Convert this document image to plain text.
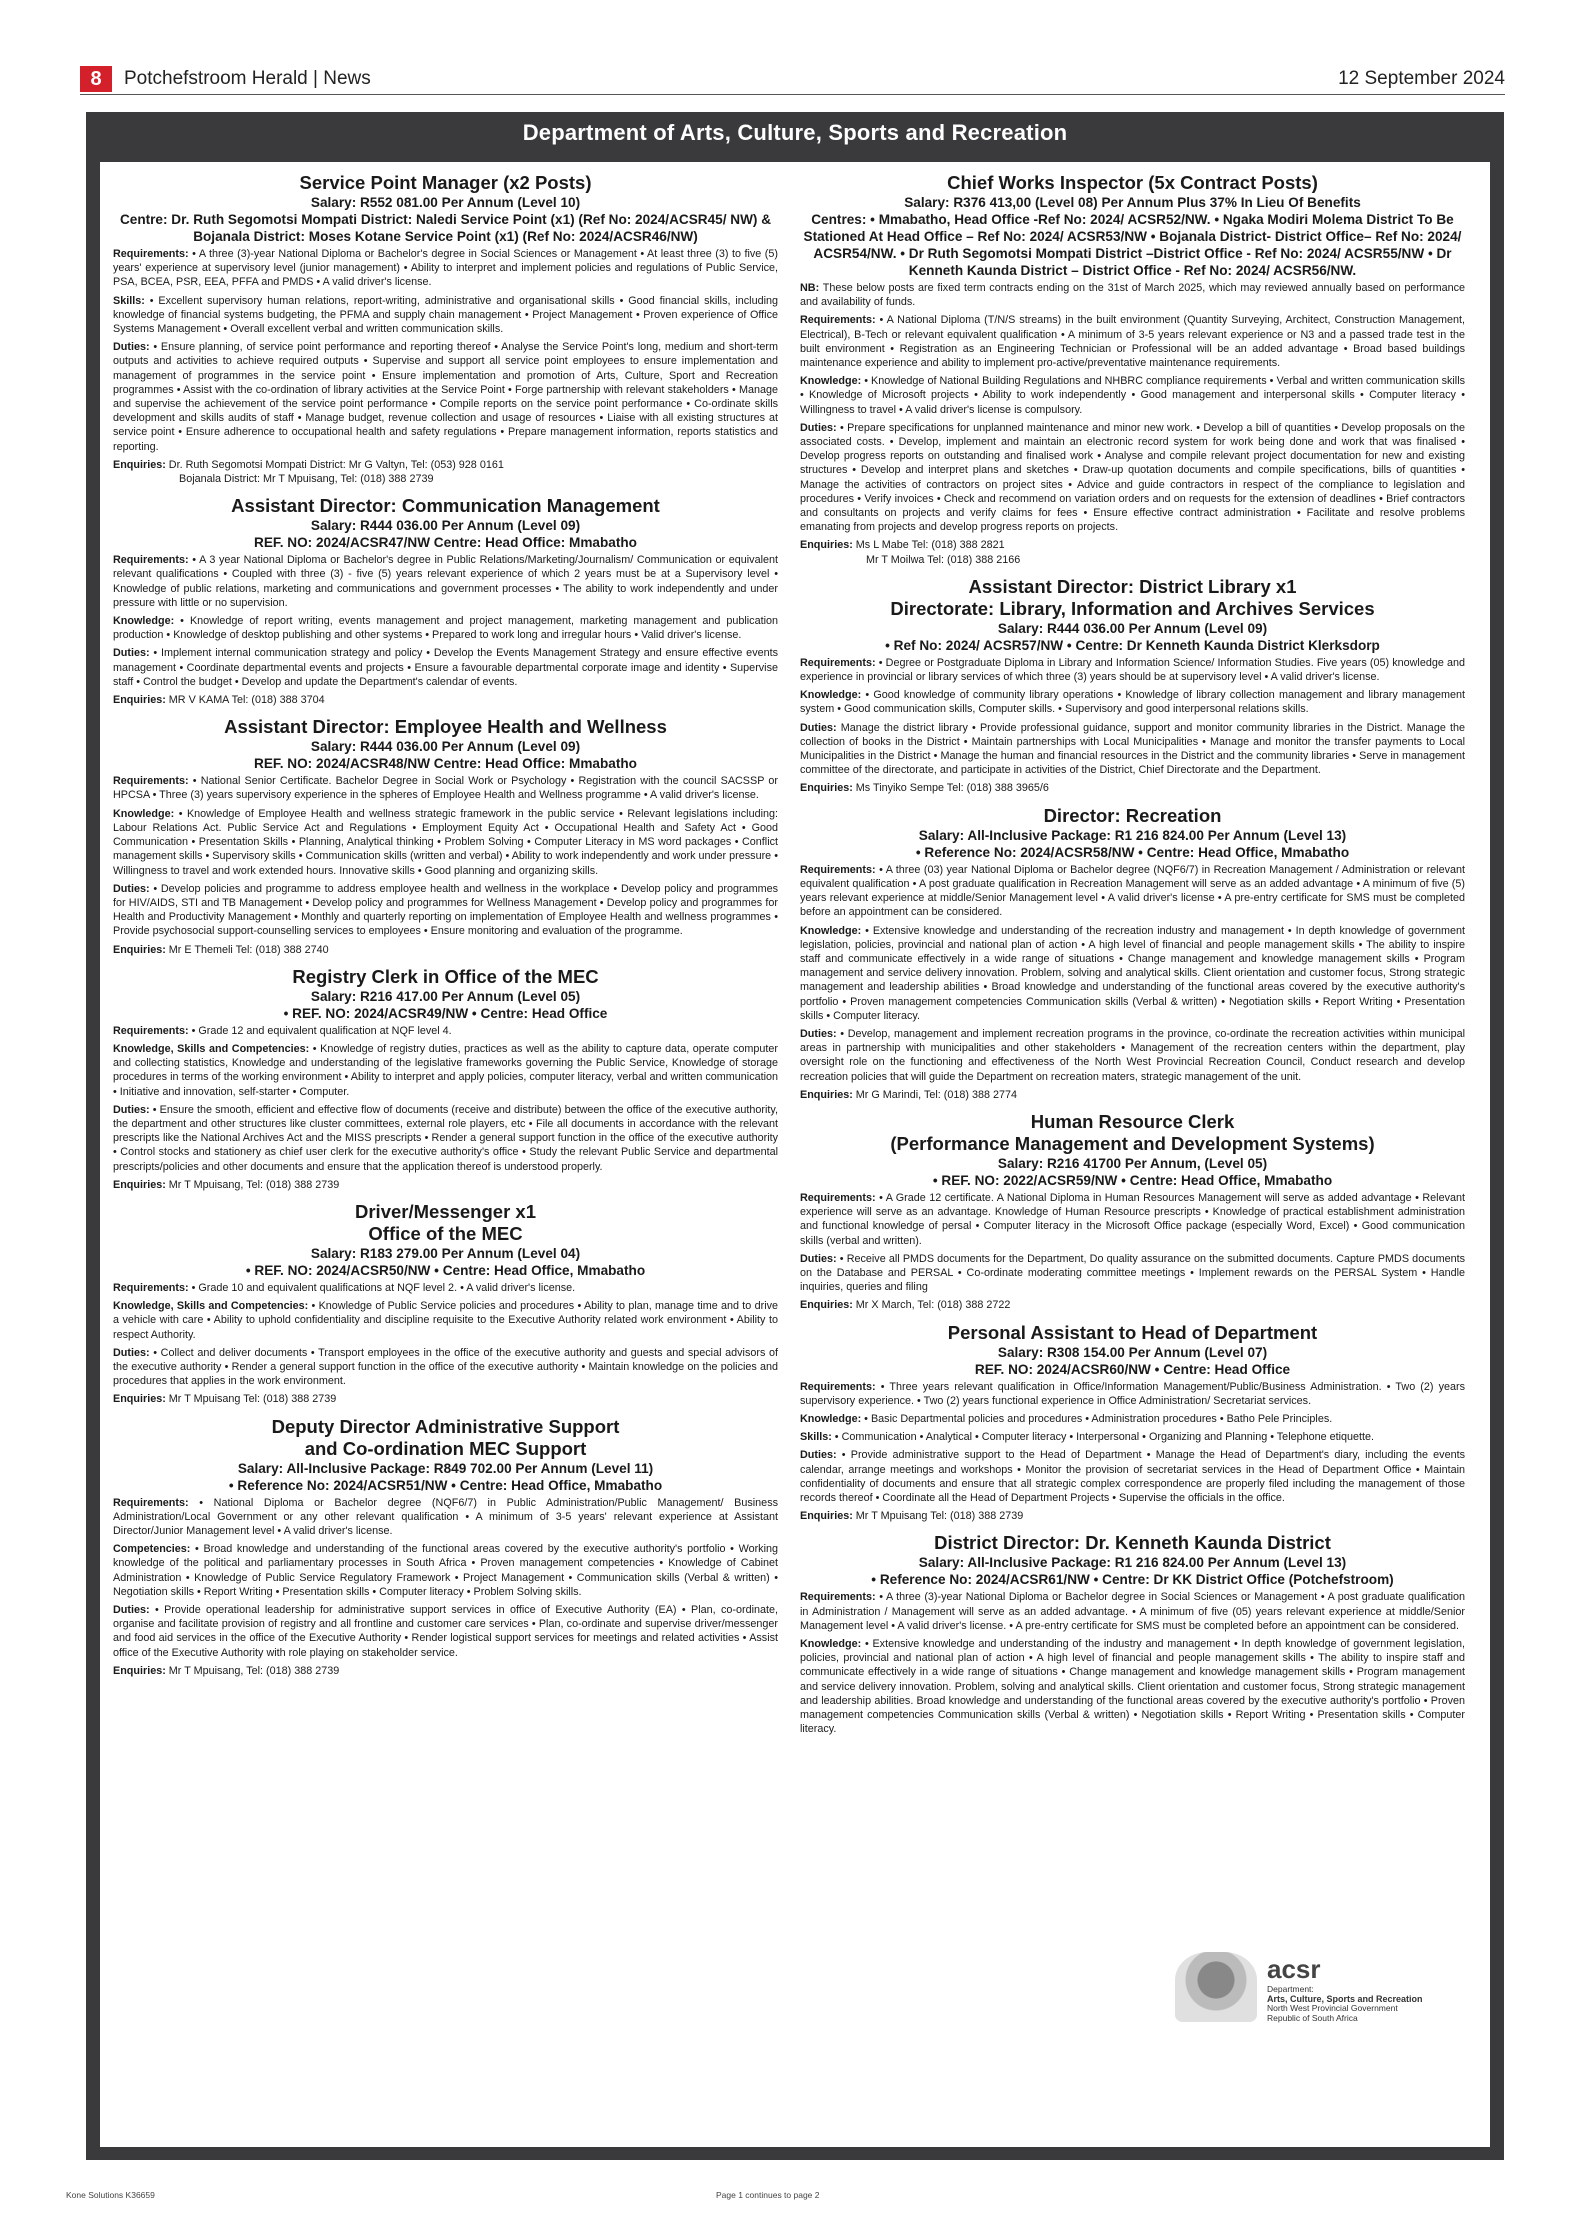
8	Potchefstroom Herald | News	12 September 2024
Department of Arts, Culture, Sports and Recreation
Service Point Manager (x2 Posts)
Salary: R552 081.00 Per Annum (Level 10)
Centre: Dr. Ruth Segomotsi Mompati District: Naledi Service Point (x1) (Ref No: 2024/ACSR45/ NW) & Bojanala District: Moses Kotane Service Point (x1) (Ref No: 2024/ACSR46/NW)
Requirements: • A three (3)-year National Diploma or Bachelor's degree in Social Sciences or Management • At least three (3) to five (5) years' experience at supervisory level (junior management) • Ability to interpret and implement policies and regulations of Public Service, PSA, BCEA, PSR, EEA, PFFA and PMDS • A valid driver's license.
Skills: • Excellent supervisory human relations, report-writing, administrative and organisational skills • Good financial skills, including knowledge of financial systems budgeting, the PFMA and supply chain management • Project Management • Proven experience of Office Systems Management • Overall excellent verbal and written communication skills.
Duties: • Ensure planning, of service point performance and reporting thereof • Analyse the Service Point's long, medium and short-term outputs and activities to achieve required outputs • Supervise and support all service point employees to ensure implementation and management of programmes in the service point • Ensure implementation and promotion of Arts, Culture, Sport and Recreation programmes • Assist with the co-ordination of library activities at the Service Point • Forge partnership with relevant stakeholders • Manage and supervise the achievement of the service point performance • Compile reports on the service point performance • Co-ordinate skills development and skills audits of staff • Manage budget, revenue collection and usage of resources • Liaise with all existing structures at service point • Ensure adherence to occupational health and safety regulations • Prepare management information, reports statistics and reporting.
Enquiries: Dr. Ruth Segomotsi Mompati District: Mr G Valtyn, Tel: (053) 928 0161
Bojanala District: Mr T Mpuisang, Tel: (018) 388 2739
Assistant Director: Communication Management
Salary: R444 036.00 Per Annum (Level 09)
REF. NO: 2024/ACSR47/NW Centre: Head Office: Mmabatho
Requirements: • A 3 year National Diploma or Bachelor's degree in Public Relations/Marketing/Journalism/ Communication or equivalent relevant qualifications • Coupled with three (3) - five (5) years relevant experience of which 2 years must be at a Supervisory level • Knowledge of public relations, marketing and communications and government processes • The ability to work independently and under pressure with little or no supervision.
Knowledge: • Knowledge of report writing, events management and project management, marketing management and publication production • Knowledge of desktop publishing and other systems • Prepared to work long and irregular hours • Valid driver's license.
Duties: • Implement internal communication strategy and policy • Develop the Events Management Strategy and ensure effective events management • Coordinate departmental events and projects • Ensure a favourable departmental corporate image and identity • Supervise staff • Control the budget • Develop and update the Department's calendar of events.
Enquiries: MR V KAMA Tel: (018) 388 3704
Assistant Director: Employee Health and Wellness
Salary: R444 036.00 Per Annum (Level 09)
REF. NO: 2024/ACSR48/NW Centre: Head Office: Mmabatho
Requirements: • National Senior Certificate. Bachelor Degree in Social Work or Psychology • Registration with the council SACSSP or HPCSA • Three (3) years supervisory experience in the spheres of Employee Health and Wellness programme • A valid driver's license.
Knowledge: • Knowledge of Employee Health and wellness strategic framework in the public service • Relevant legislations including: Labour Relations Act. Public Service Act and Regulations • Employment Equity Act • Occupational Health and Safety Act • Good Communication • Presentation Skills • Planning, Analytical thinking • Problem Solving • Computer Literacy in MS word packages • Conflict management skills • Supervisory skills • Communication skills (written and verbal) • Ability to work independently and work under pressure • Willingness to travel and work extended hours. Innovative skills • Good planning and organizing skills.
Duties: • Develop policies and programme to address employee health and wellness in the workplace • Develop policy and programmes for HIV/AIDS, STI and TB Management • Develop policy and programmes for Wellness Management • Develop policy and programmes for Health and Productivity Management • Monthly and quarterly reporting on implementation of Employee Health and wellness programmes • Provide psychosocial support-counselling services to employees • Ensure monitoring and evaluation of the programme.
Enquiries: Mr E Themeli Tel: (018) 388 2740
Registry Clerk in Office of the MEC
Salary: R216 417.00 Per Annum (Level 05)
• REF. NO: 2024/ACSR49/NW • Centre: Head Office
Requirements: • Grade 12 and equivalent qualification at NQF level 4.
Knowledge, Skills and Competencies: • Knowledge of registry duties, practices as well as the ability to capture data, operate computer and collecting statistics, Knowledge and understanding of the legislative frameworks governing the Public Service, Knowledge of storage procedures in terms of the working environment • Ability to interpret and apply policies, computer literacy, verbal and written communication • Initiative and innovation, self-starter • Computer.
Duties: • Ensure the smooth, efficient and effective flow of documents (receive and distribute) between the office of the executive authority, the department and other structures like cluster committees, external role players, etc • File all documents in accordance with the relevant prescripts like the National Archives Act and the MISS prescripts • Render a general support function in the office of the executive authority • Control stocks and stationery as chief user clerk for the executive authority's office • Study the relevant Public Service and departmental prescripts/policies and other documents and ensure that the application thereof is understood properly.
Enquiries: Mr T Mpuisang, Tel: (018) 388 2739
Driver/Messenger x1
Office of the MEC
Salary: R183 279.00 Per Annum (Level 04)
• REF. NO: 2024/ACSR50/NW • Centre: Head Office, Mmabatho
Requirements: • Grade 10 and equivalent qualifications at NQF level 2. • A valid driver's license.
Knowledge, Skills and Competencies: • Knowledge of Public Service policies and procedures • Ability to plan, manage time and to drive a vehicle with care • Ability to uphold confidentiality and discipline requisite to the Executive Authority related work environment • Ability to respect Authority.
Duties: • Collect and deliver documents • Transport employees in the office of the executive authority and guests and special advisors of the executive authority • Render a general support function in the office of the executive authority • Maintain knowledge on the policies and procedures that applies in the work environment.
Enquiries: Mr T Mpuisang Tel: (018) 388 2739
Deputy Director Administrative Support
and Co-ordination MEC Support
Salary: All-Inclusive Package: R849 702.00 Per Annum (Level 11)
• Reference No: 2024/ACSR51/NW • Centre: Head Office, Mmabatho
Requirements: • National Diploma or Bachelor degree (NQF6/7) in Public Administration/Public Management/ Business Administration/Local Government or any other relevant qualification • A minimum of 3-5 years' relevant experience at Assistant Director/Junior Management level • A valid driver's license.
Competencies: • Broad knowledge and understanding of the functional areas covered by the executive authority's portfolio • Working knowledge of the political and parliamentary processes in South Africa • Proven management competencies • Knowledge of Cabinet Administration • Knowledge of Public Service Regulatory Framework • Project Management • Communication skills (Verbal & written) • Negotiation skills • Report Writing • Presentation skills • Computer literacy • Problem Solving skills.
Duties: • Provide operational leadership for administrative support services in office of Executive Authority (EA) • Plan, co-ordinate, organise and facilitate provision of registry and all frontline and customer care services • Plan, co-ordinate and supervise driver/messenger and food aid services in the office of the Executive Authority • Render logistical support services for meetings and related activities • Assist office of the Executive Authority with role playing on stakeholder service.
Enquiries: Mr T Mpuisang, Tel: (018) 388 2739
Chief Works Inspector (5x Contract Posts)
Salary: R376 413,00 (Level 08) Per Annum Plus 37% In Lieu Of Benefits
Centres: • Mmabatho, Head Office -Ref No: 2024/ ACSR52/NW. • Ngaka Modiri Molema District To Be Stationed At Head Office – Ref No: 2024/ ACSR53/NW • Bojanala District- District Office– Ref No: 2024/ ACSR54/NW. • Dr Ruth Segomotsi Mompati District –District Office - Ref No: 2024/ ACSR55/NW • Dr Kenneth Kaunda District – District Office - Ref No: 2024/ ACSR56/NW.
NB: These below posts are fixed term contracts ending on the 31st of March 2025, which may reviewed annually based on performance and availability of funds.
Requirements: • A National Diploma (T/N/S streams) in the built environment (Quantity Surveying, Architect, Construction Management, Electrical), B-Tech or relevant equivalent qualification • A minimum of 3-5 years relevant experience or N3 and a passed trade test in the built environment • Registration as an Engineering Technician or Professional will be an added advantage • Broad based buildings maintenance experience and ability to implement pro-active/preventative maintenance requirements.
Knowledge: • Knowledge of National Building Regulations and NHBRC compliance requirements • Verbal and written communication skills • Knowledge of Microsoft projects • Ability to work independently • Good management and interpersonal skills • Computer literacy • Willingness to travel • A valid driver's license is compulsory.
Duties: • Prepare specifications for unplanned maintenance and minor new work. • Develop a bill of quantities • Develop proposals on the associated costs. • Develop, implement and maintain an electronic record system for work being done and work that was finalised • Develop progress reports on outstanding and finalised work • Analyse and compile relevant project documentation for new and existing structures • Develop and interpret plans and sketches • Draw-up quotation documents and compile specifications, bills of quantities • Manage the activities of contractors on project sites • Advice and guide contractors in respect of the compliance to legislation and procedures • Verify invoices • Check and recommend on variation orders and on requests for the extension of deadlines • Brief contractors and consultants on projects and verify claims for fees • Ensure effective contract administration • Facilitate and resolve problems emanating from projects and develop progress reports on projects.
Enquiries: Ms L Mabe Tel: (018) 388 2821
Mr T Moilwa Tel: (018) 388 2166
Assistant Director: District Library x1
Directorate: Library, Information and Archives Services
Salary: R444 036.00 Per Annum (Level 09)
• Ref No: 2024/ ACSR57/NW • Centre: Dr Kenneth Kaunda District Klerksdorp
Requirements: • Degree or Postgraduate Diploma in Library and Information Science/ Information Studies. Five years (05) knowledge and experience in provincial or library services of which three (3) years should be at supervisory level • A valid driver's license.
Knowledge: • Good knowledge of community library operations • Knowledge of library collection management and library management system • Good communication skills, Computer skills. • Supervisory and good interpersonal relations skills.
Duties: Manage the district library • Provide professional guidance, support and monitor community libraries in the District. Manage the collection of books in the District • Maintain partnerships with Local Municipalities • Manage and monitor the transfer payments to Local Municipalities in the District • Manage the human and financial resources in the District and the community libraries • Serve in management committee of the directorate, and participate in activities of the District, Chief Directorate and the Department.
Enquiries: Ms Tinyiko Sempe Tel: (018) 388 3965/6
Director: Recreation
Salary: All-Inclusive Package: R1 216 824.00 Per Annum (Level 13)
• Reference No: 2024/ACSR58/NW • Centre: Head Office, Mmabatho
Requirements: • A three (03) year National Diploma or Bachelor degree (NQF6/7) in Recreation Management / Administration or relevant equivalent qualification • A post graduate qualification in Recreation Management will serve as an added advantage • A minimum of five (5) years relevant experience at middle/Senior Management level • A valid driver's license • A pre-entry certificate for SMS must be completed before an appointment can be considered.
Knowledge: • Extensive knowledge and understanding of the recreation industry and management • In depth knowledge of government legislation, policies, provincial and national plan of action • A high level of financial and people management skills • The ability to inspire staff and communicate effectively in a wide range of situations • Change management and knowledge management skills • Program management and service delivery innovation. Problem, solving and analytical skills. Client orientation and customer focus, Strong strategic management and leadership abilities • Broad knowledge and understanding of the functional areas covered by the executive authority's portfolio • Proven management competencies Communication skills (Verbal & written) • Negotiation skills • Report Writing • Presentation skills • Computer literacy.
Duties: • Develop, management and implement recreation programs in the province, co-ordinate the recreation activities within municipal areas in partnership with municipalities and other stakeholders • Management of the recreation centers within the department, play oversight role on the functioning and effectiveness of the North West Provincial Recreation Council, Conduct research and develop recreation policies that will guide the Department on recreation maters, strategic management of the unit.
Enquiries: Mr G Marindi, Tel: (018) 388 2774
Human Resource Clerk
(Performance Management and Development Systems)
Salary: R216 41700 Per Annum, (Level 05)
• REF. NO: 2022/ACSR59/NW • Centre: Head Office, Mmabatho
Requirements: • A Grade 12 certificate. A National Diploma in Human Resources Management will serve as added advantage • Relevant experience will serve as an advantage. Knowledge of Human Resource prescripts • Knowledge of practical establishment administration and functional knowledge of persal • Computer literacy in the Microsoft Office package (especially Word, Excel) • Good communication skills (verbal and written).
Duties: • Receive all PMDS documents for the Department, Do quality assurance on the submitted documents. Capture PMDS documents on the Database and PERSAL • Co-ordinate moderating committee meetings • Implement rewards on the PERSAL System • Handle inquiries, queries and filing
Enquiries: Mr X March, Tel: (018) 388 2722
Personal Assistant to Head of Department
Salary: R308 154.00 Per Annum (Level 07)
REF. NO: 2024/ACSR60/NW • Centre: Head Office
Requirements: • Three years relevant qualification in Office/Information Management/Public/Business Administration. • Two (2) years supervisory experience. • Two (2) years functional experience in Office Administration/ Secretariat services.
Knowledge: • Basic Departmental policies and procedures • Administration procedures • Batho Pele Principles.
Skills: • Communication • Analytical • Computer literacy • Interpersonal • Organizing and Planning • Telephone etiquette.
Duties: • Provide administrative support to the Head of Department • Manage the Head of Department's diary, including the events calendar, arrange meetings and workshops • Monitor the provision of secretariat services in the Head of Department Office • Maintain confidentiality of documents and ensure that all strategic complex correspondence are properly filed including the management of those records thereof • Coordinate all the Head of Department Projects • Supervise the officials in the office.
Enquiries: Mr T Mpuisang Tel: (018) 388 2739
District Director: Dr. Kenneth Kaunda District
Salary: All-Inclusive Package: R1 216 824.00 Per Annum (Level 13)
• Reference No: 2024/ACSR61/NW • Centre: Dr KK District Office (Potchefstroom)
Requirements: • A three (3)-year National Diploma or Bachelor degree in Social Sciences or Management • A post graduate qualification in Administration / Management will serve as an added advantage. • A minimum of five (05) years relevant experience at middle/Senior Management level • A valid driver's license. • A pre-entry certificate for SMS must be completed before an appointment can be considered.
Knowledge: • Extensive knowledge and understanding of the industry and management • In depth knowledge of government legislation, policies, provincial and national plan of action • A high level of financial and people management skills • The ability to inspire staff and communicate effectively in a wide range of situations • Change management and knowledge management skills • Program management and service delivery innovation. Problem, solving and analytical skills. Client orientation and customer focus, Strong strategic management and leadership abilities. Broad knowledge and understanding of the functional areas covered by the executive authority's portfolio • Proven management competencies Communication skills (Verbal & written) • Negotiation skills • Report Writing • Presentation skills • Computer literacy.
acsr
Department:
Arts, Culture, Sports and Recreation
North West Provincial Government
Republic of South Africa
Kone Solutions K36659	Page 1 continues to page 2
